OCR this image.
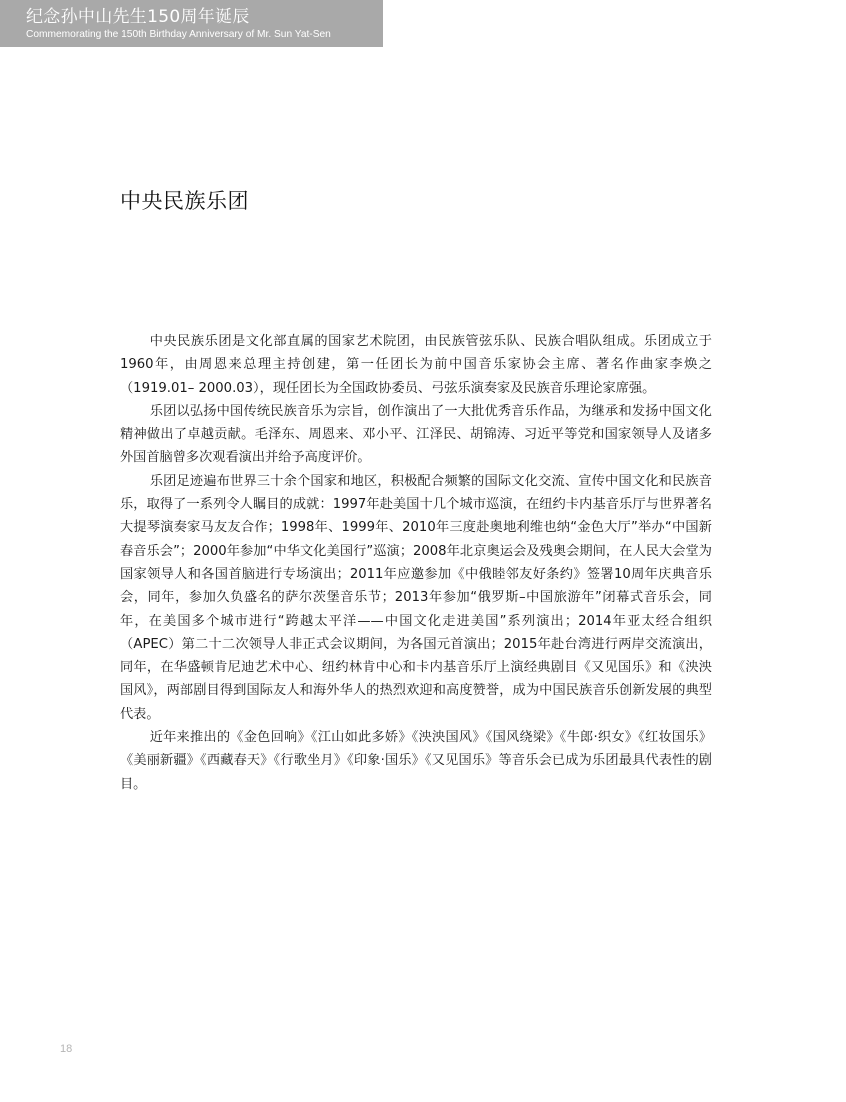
纪念孙中山先生150周年诞辰
Commemorating the 150th Birthday Anniversary of Mr. Sun Yat-Sen
中央民族乐团

中央民族乐团是文化部直属的国家艺术院团，由民族管弦乐队、民族合唱队组成。乐团成立于1960年，由周恩来总理主持创建，第一任团长为前中国音乐家协会主席、著名作曲家李焕之（1919.01– 2000.03），现任团长为全国政协委员、弓弦乐演奏家及民族音乐理论家席强。

乐团以弘扬中国传统民族音乐为宗旨，创作演出了一大批优秀音乐作品，为继承和发扬中国文化精神做出了卓越贡献。毛泽东、周恩来、邓小平、江泽民、胡锦涛、习近平等党和国家领导人及诸多外国首脑曾多次观看演出并给予高度评价。

乐团足迹遍布世界三十余个国家和地区，积极配合频繁的国际文化交流、宣传中国文化和民族音乐，取得了一系列令人瞩目的成就：1997年赴美国十几个城市巡演，在纽约卡内基音乐厅与世界著名大提琴演奏家马友友合作；1998年、1999年、2010年三度赴奥地利维也纳“金色大厅”举办“中国新春音乐会”；2000年参加“中华文化美国行”巡演；2008年北京奥运会及残奥会期间，在人民大会堂为国家领导人和各国首脑进行专场演出；2011年应邀参加《中俄睦邻友好条约》签署10周年庆典音乐会，同年，参加久负盛名的萨尔茨堡音乐节；2013年参加“俄罗斯–中国旅游年”闭幕式音乐会，同年，在美国多个城市进行“跨越太平洋——中国文化走进美国”系列演出；2014年亚太经合组织（APEC）第二十二次领导人非正式会议期间，为各国元首演出；2015年赴台湾进行两岸交流演出，同年，在华盛顿肯尼迪艺术中心、纽约林肯中心和卡内基音乐厅上演经典剧目《又见国乐》和《泱泱国风》，两部剧目得到国际友人和海外华人的热烈欢迎和高度赞誉，成为中国民族音乐创新发展的典型代表。

近年来推出的《金色回响》《江山如此多娇》《泱泱国风》《国风绕梁》《牛郎·织女》《红妆国乐》《美丽新疆》《西藏春天》《行歌坐月》《印象·国乐》《又见国乐》等音乐会已成为乐团最具代表性的剧目。

18
